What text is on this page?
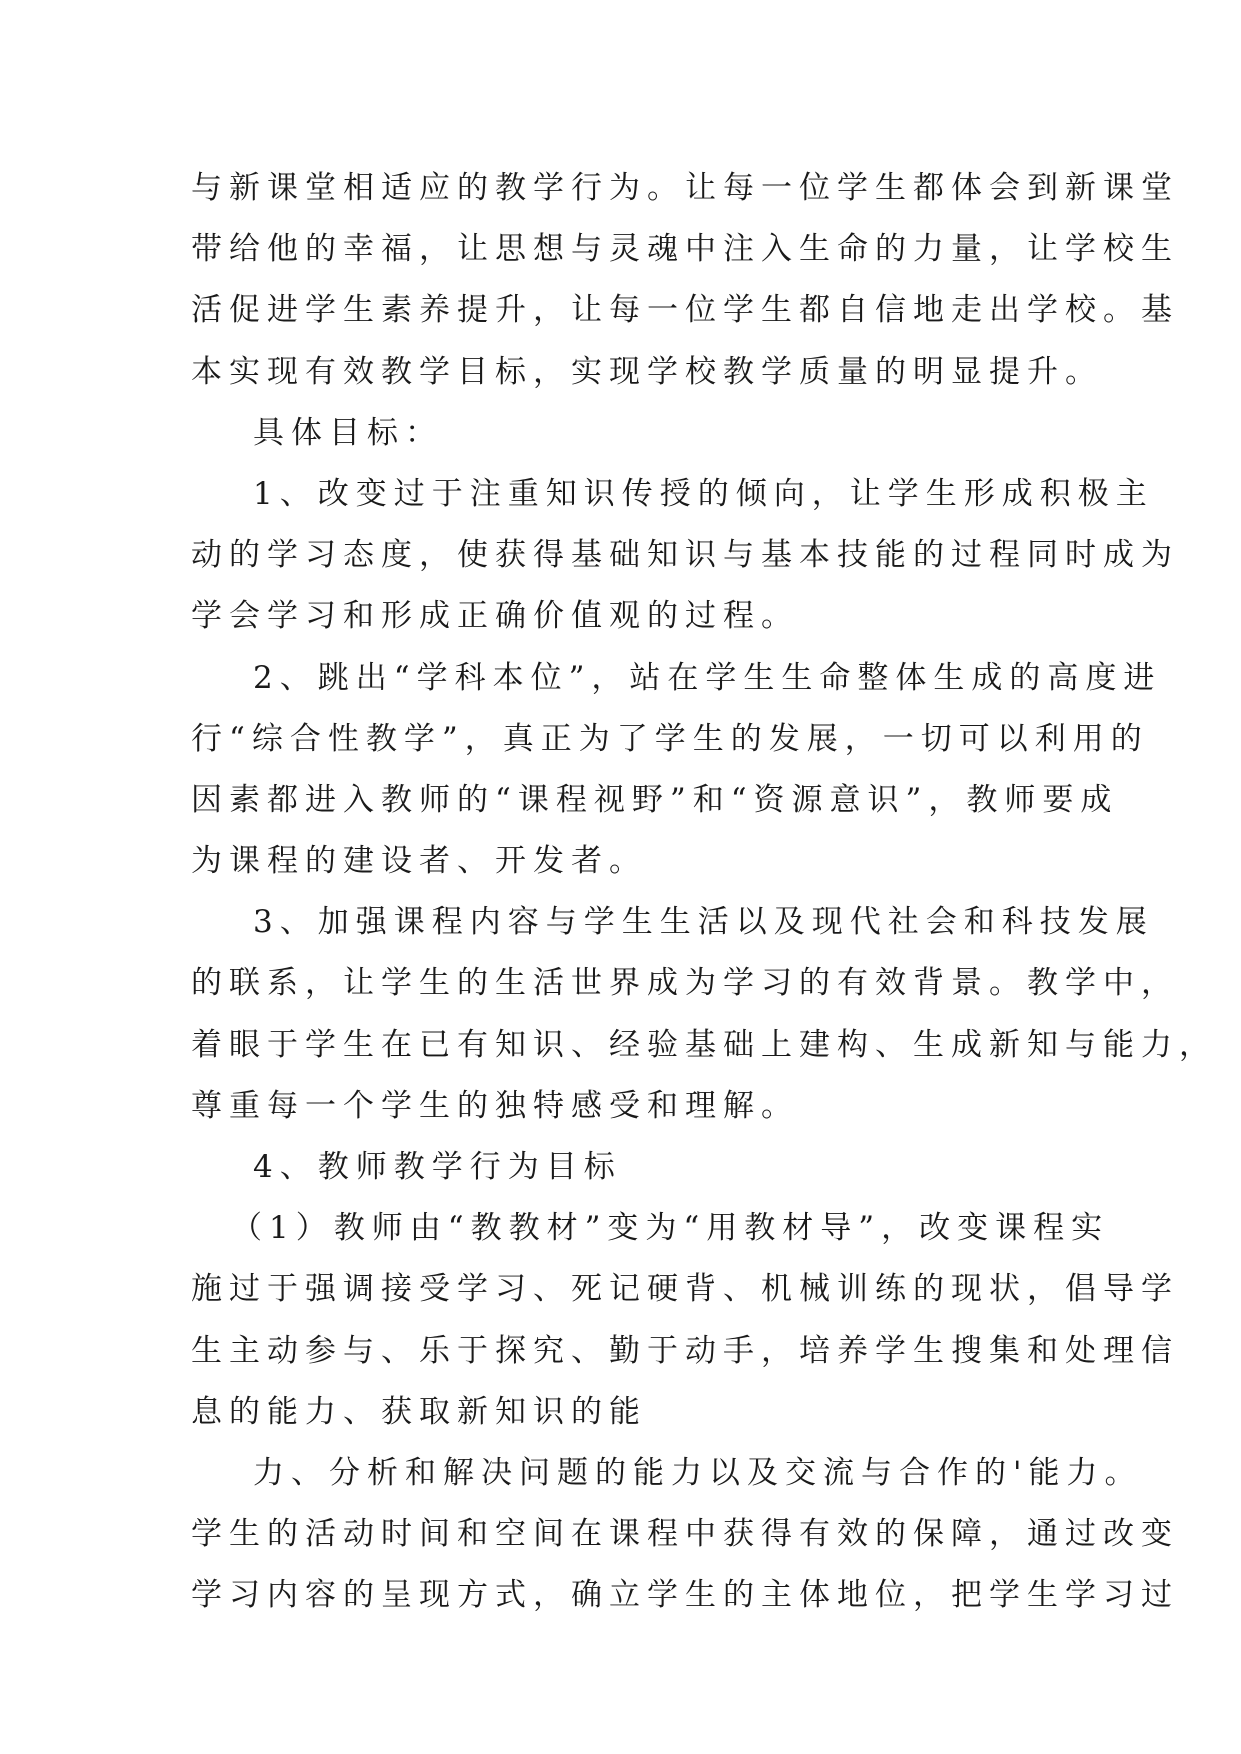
与新课堂相适应的教学行为。让每一位学生都体会到新课堂
带给他的幸福，让思想与灵魂中注入生命的力量，让学校生
活促进学生素养提升，让每一位学生都自信地走出学校。基
本实现有效教学目标，实现学校教学质量的明显提升。
具体目标：
1、改变过于注重知识传授的倾向，让学生形成积极主
动的学习态度，使获得基础知识与基本技能的过程同时成为
学会学习和形成正确价值观的过程。
2、跳出“学科本位”，站在学生生命整体生成的高度进
行“综合性教学”，真正为了学生的发展，一切可以利用的
因素都进入教师的“课程视野”和“资源意识”，教师要成
为课程的建设者、开发者。
3、加强课程内容与学生生活以及现代社会和科技发展
的联系，让学生的生活世界成为学习的有效背景。教学中，
着眼于学生在已有知识、经验基础上建构、生成新知与能力，
尊重每一个学生的独特感受和理解。
4、教师教学行为目标
（1）教师由“教教材”变为“用教材导”，改变课程实
施过于强调接受学习、死记硬背、机械训练的现状，倡导学
生主动参与、乐于探究、勤于动手，培养学生搜集和处理信
息的能力、获取新知识的能
力、分析和解决问题的能力以及交流与合作的'能力。
学生的活动时间和空间在课程中获得有效的保障，通过改变
学习内容的呈现方式，确立学生的主体地位，把学生学习过
